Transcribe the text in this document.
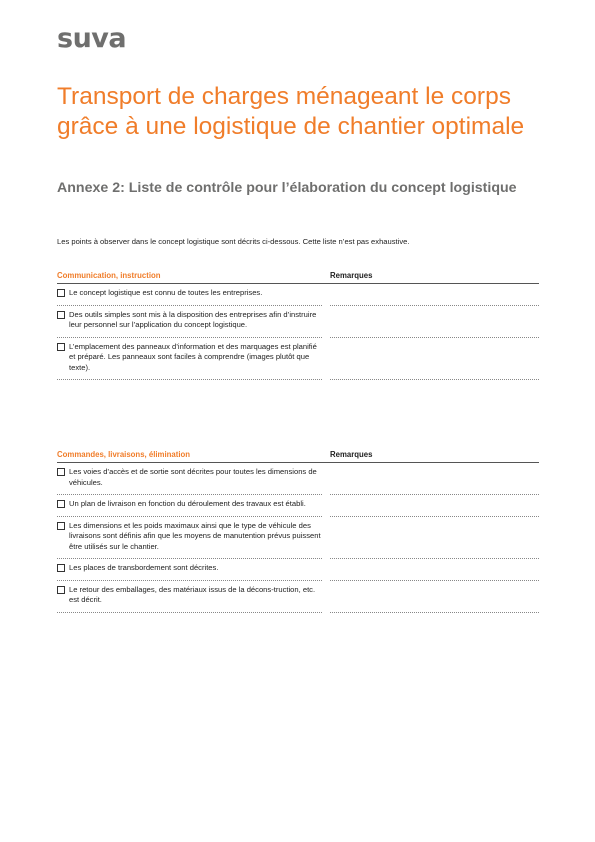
suva
Transport de charges ménageant le corps grâce à une logistique de chantier optimale
Annexe 2: Liste de contrôle pour l’élaboration du concept logistique
Les points à observer dans le concept logistique sont décrits ci-dessous. Cette liste n’est pas exhaustive.
Communication, instruction	Remarques
Le concept logistique est connu de toutes les entreprises.
Des outils simples sont mis à la disposition des entreprises afin d’instruire leur personnel sur l’application du concept logistique.
L’emplacement des panneaux d’information et des marquages est planifié et préparé. Les panneaux sont faciles à comprendre (images plutôt que texte).
Commandes, livraisons, élimination	Remarques
Les voies d’accès et de sortie sont décrites pour toutes les dimensions de véhicules.
Un plan de livraison en fonction du déroulement des travaux est établi.
Les dimensions et les poids maximaux ainsi que le type de véhicule des livraisons sont définis afin que les moyens de manutention prévus puissent être utilisés sur le chantier.
Les places de transbordement sont décrites.
Le retour des emballages, des matériaux issus de la décons-truction, etc. est décrit.
